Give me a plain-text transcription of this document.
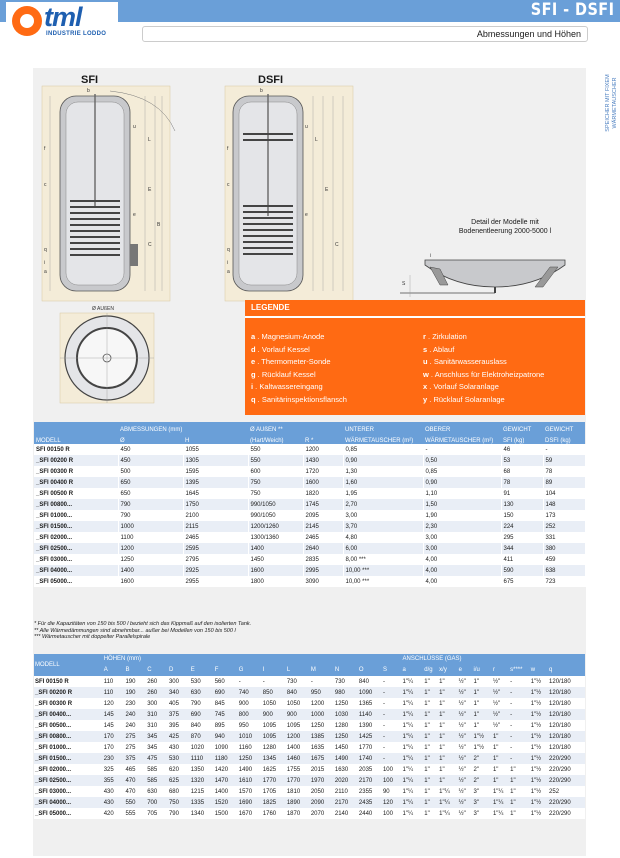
tml
INDUSTRIE LODDO
SFI - DSFI
Abmessungen und Höhen
SPEICHER MIT FIXEM WÄRMETAUSCHER
SFI	DSFI
b
f
c
q
i
a
u
e
L
E
C
B
Ø AUßEN
b
f
c
q
i
a
u
e
L
E
C
Detail der Modelle mit Bodenentleerung 2000-5000 l
S
i
LEGENDE
a . Magnesium-Anode
d . Vorlauf Kessel
e . Thermometer-Sonde
g . Rücklauf Kessel
i . Kaltwassereingang
q . Sanitärinspektionsflansch
r . Zirkulation
s . Ablauf
u . Sanitärwasserauslass
w . Anschluss für Elektroheizpatrone
x . Vorlauf Solaranlage
y . Rücklauf Solaranlage
MODELL	ABMESSUNGEN (mm)		Ø AUßEN **		UNTERER	OBERER	GEWICHT	GEWICHT
	Ø	H	(Hart/Weich)	R *	WÄRMETAUSCHER (m²)	WÄRMETAUSCHER (m²)	SFI (kg)	DSFI (kg)
SFI 00150 R	450	1055	550	1200	0,85	-	46	-
_SFI 00200 R	450	1305	550	1430	0,90	0,50	53	59
_SFI 00300 R	500	1595	600	1720	1,30	0,85	68	78
_SFI 00400 R	650	1395	750	1600	1,60	0,90	78	89
_SFI 00500 R	650	1645	750	1820	1,95	1,10	91	104
_SFI 00800...	790	1750	990/1050	1745	2,70	1,50	130	148
_SFI 01000...	790	2100	990/1050	2095	3,00	1,90	150	173
_SFI 01500...	1000	2115	1200/1260	2145	3,70	2,30	224	252
_SFI 02000...	1100	2465	1300/1360	2465	4,80	3,00	295	331
_SFI 02500...	1200	2595	1400	2640	6,00	3,00	344	380
_SFI 03000...	1250	2795	1450	2835	8,00 ***	4,00	411	459
_SFI 04000...	1400	2925	1600	2995	10,00 ***	4,00	590	638
_SFI 05000...	1600	2955	1800	3090	10,00 ***	4,00	675	723
* Für die Kapazitäten von 150 bis 500 l bezieht sich das Kippmaß auf den isolierten Tank.
** Alle Wärmedämmungen sind abnehmbar... außer bei Modellen von 150 bis 500 l
*** Wärmetauscher mit doppelter Parallelspirale
MODELL	HÖHEN (mm)													ANSCHLÜSSE (GAS)								
	A	B	C	D	E	F	G	I	L	M	N	O	S	a	d/g	x/y	e	i/u	r	s****	w	q
SFI 00150 R	110	190	260	300	530	560	-	-	730	-	730	840	-	1"¼	1"	1"	½"	1"	½"	-	1"½	120/180
_SFI 00200 R	110	190	260	340	630	690	740	850	840	950	980	1090	-	1"¼	1"	1"	½"	1"	½"	-	1"½	120/180
_SFI 00300 R	120	230	300	405	790	845	900	1050	1050	1200	1250	1365	-	1"¼	1"	1"	½"	1"	½"	-	1"½	120/180
_SFI 00400...	145	240	310	375	690	745	800	900	900	1000	1030	1140	-	1"¼	1"	1"	½"	1"	½"	-	1"½	120/180
_SFI 00500...	145	240	310	395	840	895	950	1095	1095	1250	1280	1390	-	1"¼	1"	1"	½"	1"	½"	-	1"½	120/180
_SFI 00800...	170	275	345	425	870	940	1010	1095	1200	1385	1250	1425	-	1"¼	1"	1"	½"	1"½	1"	-	1"½	120/180
_SFI 01000...	170	275	345	430	1020	1090	1160	1280	1400	1635	1450	1770	-	1"¼	1"	1"	½"	1"½	1"	-	1"½	120/180
_SFI 01500...	230	375	475	530	1110	1180	1250	1345	1460	1675	1490	1740	-	1"¼	1"	1"	½"	2"	1"	-	1"½	220/290
_SFI 02000...	325	465	585	620	1350	1420	1490	1625	1755	2015	1630	2035	100	1"¼	1"	1"	½"	2"	1"	1"	1"½	220/290
_SFI 02500...	355	470	585	625	1320	1470	1610	1770	1770	1970	2020	2170	100	1"¼	1"	1"	½"	2"	1"	1"	1"½	220/290
_SFI 03000...	430	470	630	680	1215	1400	1570	1705	1810	2050	2110	2355	90	1"¼	1"	1"¼	½"	3"	1"¼	1"	1"½	252
_SFI 04000...	430	550	700	750	1335	1520	1690	1825	1890	2090	2170	2435	120	1"¼	1"	1"¼	½"	3"	1"¼	1"	1"½	220/290
_SFI 05000...	420	555	705	790	1340	1500	1670	1760	1870	2070	2140	2440	100	1"¼	1"	1"¼	½"	3"	1"¼	1"	1"½	220/290
